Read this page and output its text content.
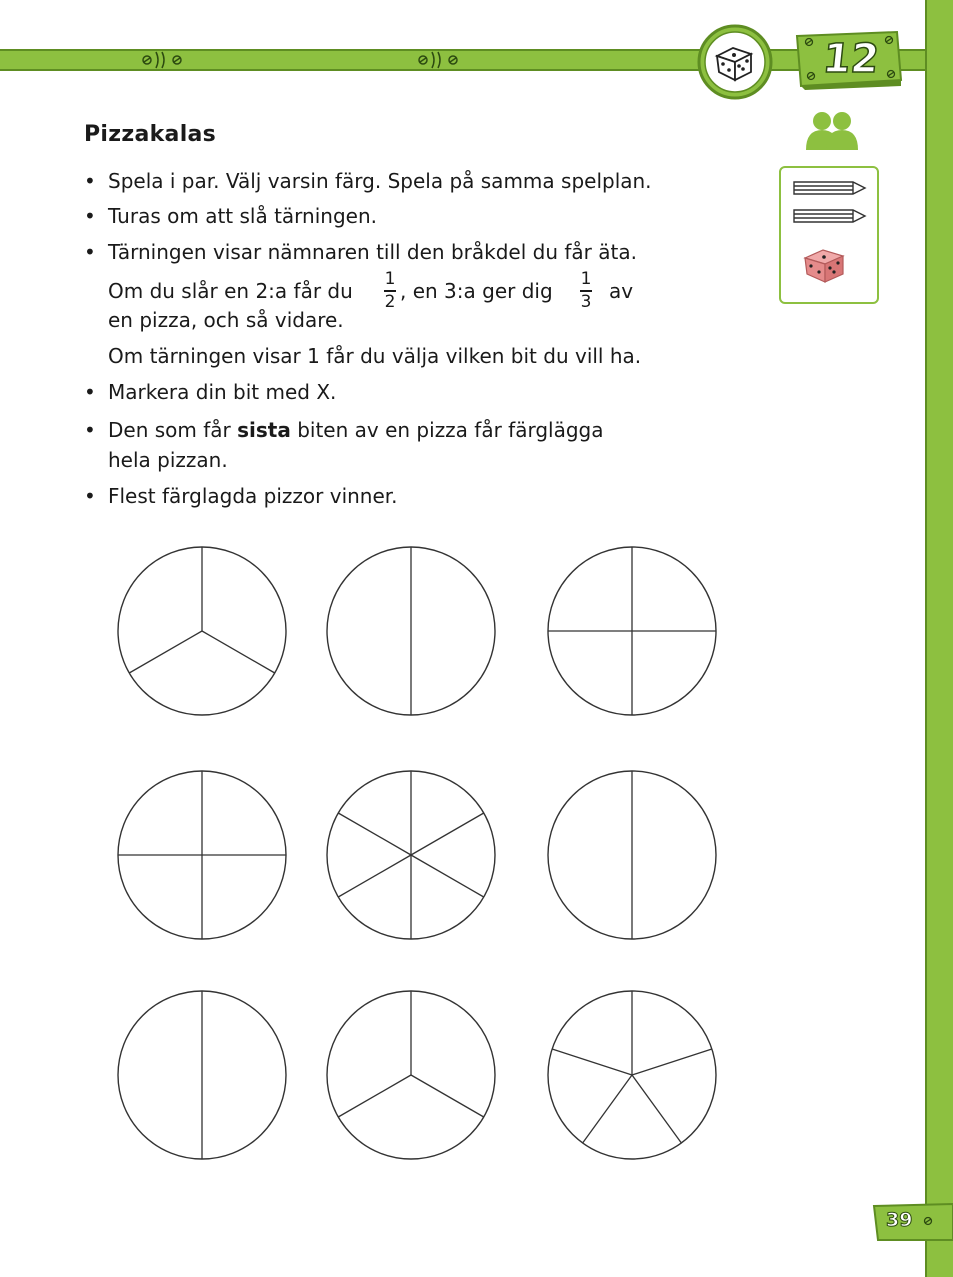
12
Pizzakalas
• Spela i par. Välj varsin färg. Spela på samma spelplan.
• Turas om att slå tärningen.
• Tärningen visar nämnaren till den bråkdel du får äta.
Om du slår en 2:a får du 1
2 , en 3:a ger dig 1
3 av
en pizza, och så vidare.
Om tärningen visar 1 får du välja vilken bit du vill ha.
• Markera din bit med X.
• Den som får sista biten av en pizza får färglägga
hela pizzan.
• Flest färglagda pizzor vinner.
39
